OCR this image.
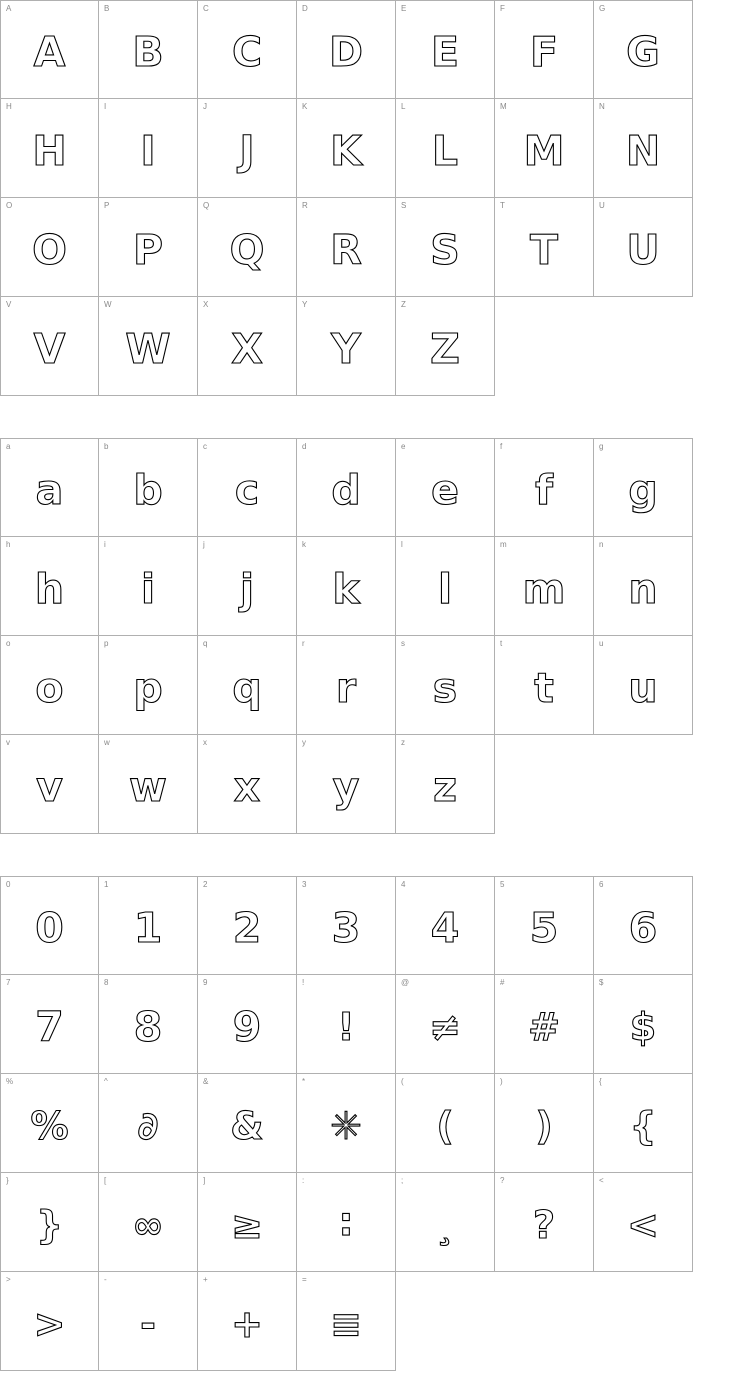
A
A
B
B
C
C
D
D
E
E
F
F
G
G
H
H
I
I
J
J
K
K
L
L
M
M
N
N
O
O
P
P
Q
Q
R
R
S
S
T
T
U
U
V
V
W
W
X
X
Y
Y
Z
Z
a
a
b
b
c
c
d
d
e
e
f
f
g
g
h
h
i
i
j
j
k
k
l
l
m
m
n
n
o
o
p
p
q
q
r
r
s
s
t
t
u
u
v
v
w
w
x
x
y
y
z
z
0
0
1
1
2
2
3
3
4
4
5
5
6
6
7
7
8
8
9
9
!
!
@
≠
#
#
$
$
%
%
^
∂
&
&
*
✳
(
(
)
)
{
{
}
}
[
∞
]
≥
:
∶
;
¸
?
?
<
<
>
>
-
-
+
+
=
≡
